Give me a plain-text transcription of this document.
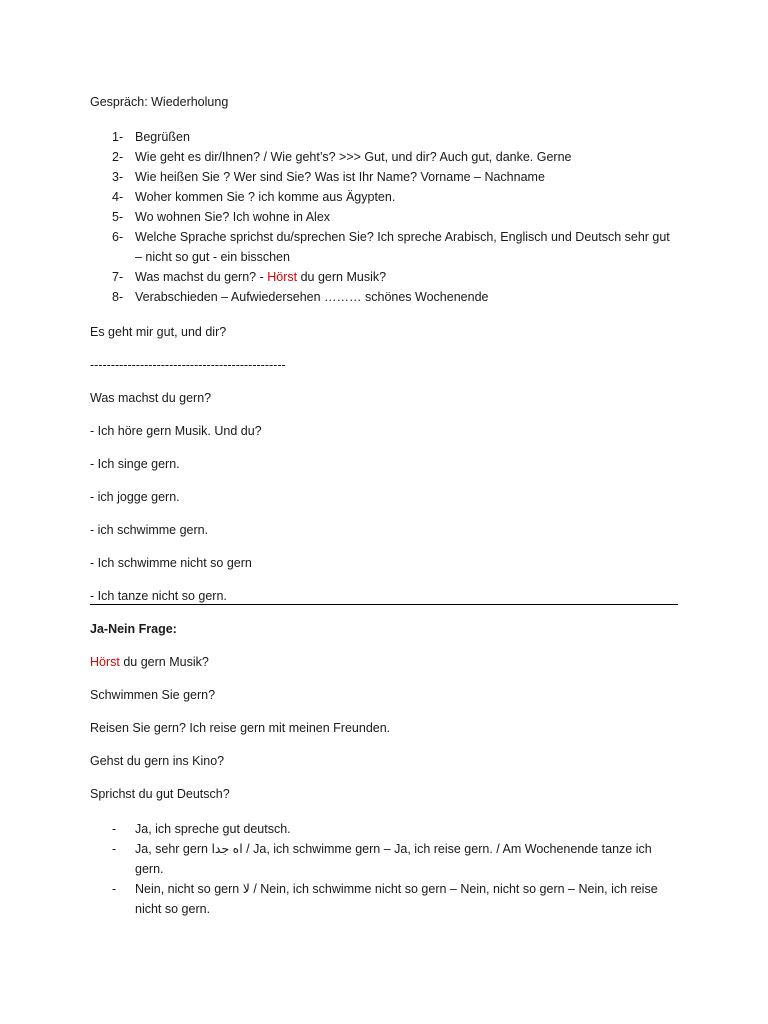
Gespräch: Wiederholung

1- Begrüßen
2- Wie geht es dir/Ihnen? / Wie geht’s? >>> Gut, und dir? Auch gut, danke. Gerne
3- Wie heißen Sie ? Wer sind Sie? Was ist Ihr Name? Vorname – Nachname
4- Woher kommen Sie ? ich komme aus Ägypten.
5- Wo wohnen Sie? Ich wohne in Alex
6- Welche Sprache sprichst du/sprechen Sie? Ich spreche Arabisch, Englisch und Deutsch sehr gut – nicht so gut - ein bisschen
7- Was machst du gern? - Hörst du gern Musik?
8- Verabschieden – Aufwiedersehen ……… schönes Wochenende

Es geht mir gut, und dir?

-----------------------------------------------

Was machst du gern?

- Ich höre gern Musik. Und du?

- Ich singe gern.

- ich jogge gern.

- ich schwimme gern.

- Ich schwimme nicht so gern

- Ich tanze nicht so gern.

Ja-Nein Frage:

Hörst du gern Musik?

Schwimmen Sie gern?

Reisen Sie gern? Ich reise gern mit meinen Freunden.

Gehst du gern ins Kino?

Sprichst du gut Deutsch?

- Ja, ich spreche gut deutsch.
- Ja, sehr gern اه جدا / Ja, ich schwimme gern – Ja, ich reise gern. / Am Wochenende tanze ich gern.
- Nein, nicht so gern لا / Nein, ich schwimme nicht so gern – Nein, nicht so gern – Nein, ich reise nicht so gern.
